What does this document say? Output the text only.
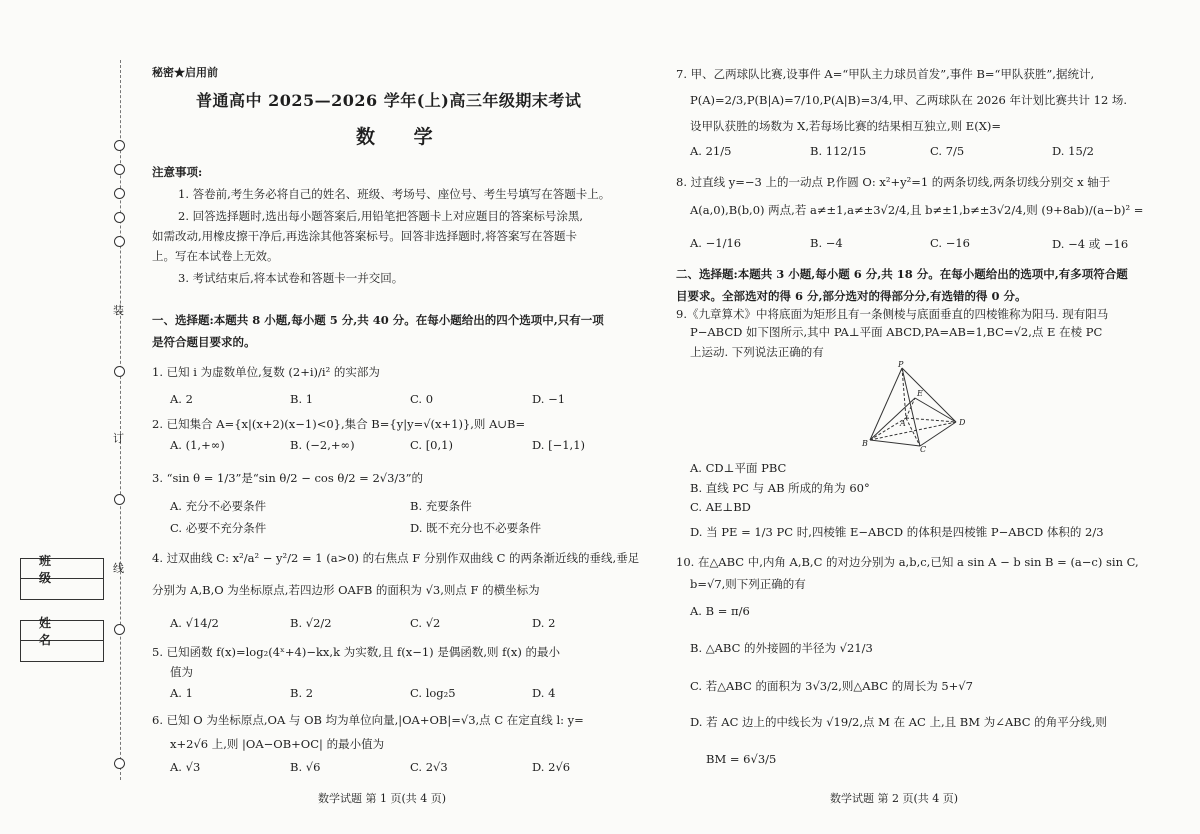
装
订
线
班 级
姓 名
秘密★启用前
普通高中 2025—2026 学年(上)高三年级期末考试
数 学
注意事项:
1. 答卷前,考生务必将自己的姓名、班级、考场号、座位号、考生号填写在答题卡上。
2. 回答选择题时,选出每小题答案后,用铅笔把答题卡上对应题目的答案标号涂黑,
如需改动,用橡皮擦干净后,再选涂其他答案标号。回答非选择题时,将答案写在答题卡
上。写在本试卷上无效。
3. 考试结束后,将本试卷和答题卡一并交回。
一、选择题:本题共 8 小题,每小题 5 分,共 40 分。在每小题给出的四个选项中,只有一项
是符合题目要求的。
1. 已知 i 为虚数单位,复数 (2+i)/i² 的实部为
A. 2	B. 1	C. 0	D. −1
2. 已知集合 A={x|(x+2)(x−1)<0},集合 B={y|y=√(x+1)},则 A∪B=
A. (1,+∞)	B. (−2,+∞)	C. [0,1)	D. [−1,1)
3. “sin θ = 1/3”是“sin θ/2 − cos θ/2 = 2√3/3”的
A. 充分不必要条件	B. 充要条件
C. 必要不充分条件	D. 既不充分也不必要条件
4. 过双曲线 C: x²/a² − y²/2 = 1 (a>0) 的右焦点 F 分别作双曲线 C 的两条渐近线的垂线,垂足
分别为 A,B,O 为坐标原点,若四边形 OAFB 的面积为 √3,则点 F 的横坐标为
A. √14/2	B. √2/2	C. √2	D. 2
5. 已知函数 f(x)=log₂(4ˣ+4)−kx,k 为实数,且 f(x−1) 是偶函数,则 f(x) 的最小
值为
A. 1	B. 2	C. log₂5	D. 4
6. 已知 O 为坐标原点,OA 与 OB 均为单位向量,|OA+OB|=√3,点 C 在定直线 l: y=
x+2√6 上,则 |OA−OB+OC| 的最小值为
A. √3	B. √6	C. 2√3	D. 2√6
数学试题 第 1 页(共 4 页)
7. 甲、乙两球队比赛,设事件 A=“甲队主力球员首发”,事件 B=“甲队获胜”,据统计,
P(A)=2/3,P(B|A)=7/10,P(A|B)=3/4,甲、乙两球队在 2026 年计划比赛共计 12 场.
设甲队获胜的场数为 X,若每场比赛的结果相互独立,则 E(X)=
A. 21/5	B. 112/15	C. 7/5	D. 15/2
8. 过直线 y=−3 上的一动点 P,作圆 O: x²+y²=1 的两条切线,两条切线分别交 x 轴于
A(a,0),B(b,0) 两点,若 a≠±1,a≠±3√2/4,且 b≠±1,b≠±3√2/4,则 (9+8ab)/(a−b)² =
A. −1/16	B. −4	C. −16	D. −4 或 −16
二、选择题:本题共 3 小题,每小题 6 分,共 18 分。在每小题给出的选项中,有多项符合题
目要求。全部选对的得 6 分,部分选对的得部分分,有选错的得 0 分。
9.《九章算术》中将底面为矩形且有一条侧棱与底面垂直的四棱锥称为阳马. 现有阳马
P−ABCD 如下图所示,其中 PA⊥平面 ABCD,PA=AB=1,BC=√2,点 E 在棱 PC
上运动. 下列说法正确的有
P
E
A
B
C
D
A. CD⊥平面 PBC
B. 直线 PC 与 AB 所成的角为 60°
C. AE⊥BD
D. 当 PE = 1/3 PC 时,四棱锥 E−ABCD 的体积是四棱锥 P−ABCD 体积的 2/3
10. 在△ABC 中,内角 A,B,C 的对边分别为 a,b,c,已知 a sin A − b sin B = (a−c) sin C,
b=√7,则下列正确的有
A. B = π/6
B. △ABC 的外接圆的半径为 √21/3
C. 若△ABC 的面积为 3√3/2,则△ABC 的周长为 5+√7
D. 若 AC 边上的中线长为 √19/2,点 M 在 AC 上,且 BM 为∠ABC 的角平分线,则
BM = 6√3/5
数学试题 第 2 页(共 4 页)
